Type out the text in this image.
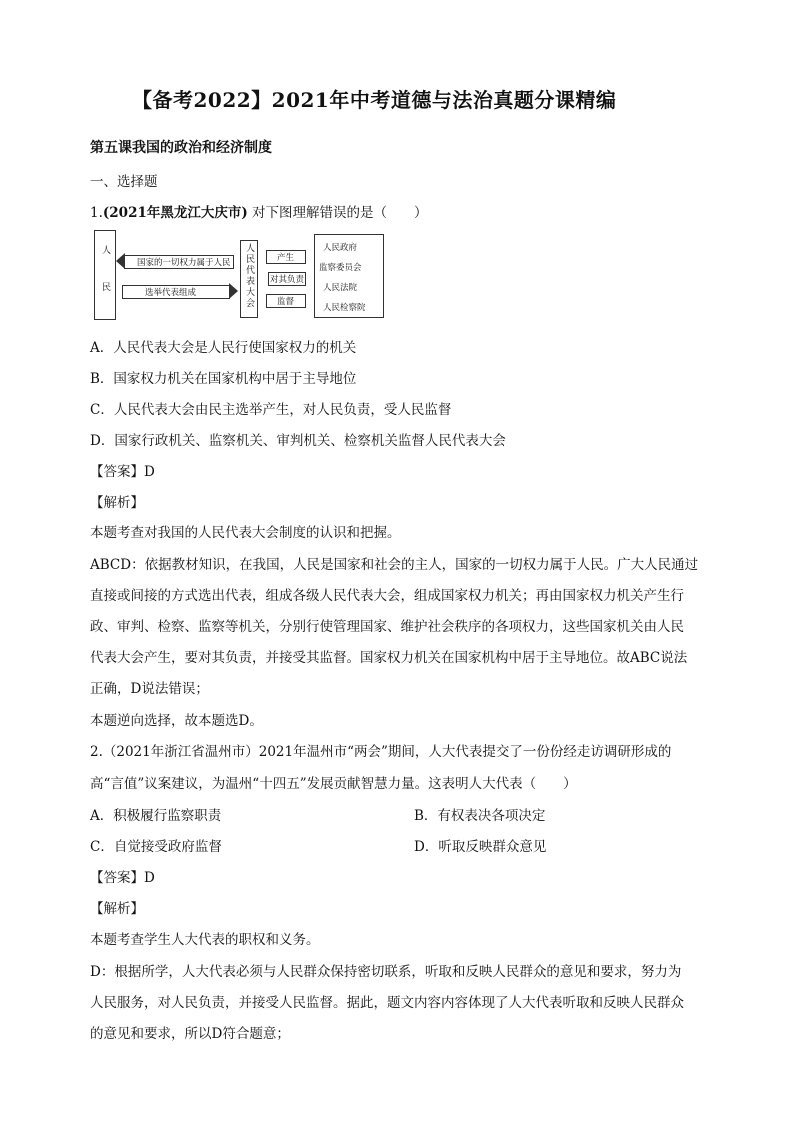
【备考2022】2021年中考道德与法治真题分课精编
第五课我国的政治和经济制度
一、选择题
1.(2021年黑龙江大庆市) 对下图理解错误的是（　　）
人民	国家的一切权力属于人民
选举代表组成	人民代表大会	产生
对其负责
监督
人民政府
监察委员会
人民法院
人民检察院
A．人民代表大会是人民行使国家权力的机关
B．国家权力机关在国家机构中居于主导地位
C．人民代表大会由民主选举产生，对人民负责，受人民监督
D．国家行政机关、监察机关、审判机关、检察机关监督人民代表大会
【答案】D
【解析】
本题考查对我国的人民代表大会制度的认识和把握。
ABCD：依据教材知识，在我国，人民是国家和社会的主人，国家的一切权力属于人民。广大人民通过
直接或间接的方式选出代表，组成各级人民代表大会，组成国家权力机关；再由国家权力机关产生行
政、审判、检察、监察等机关，分别行使管理国家、维护社会秩序的各项权力，这些国家机关由人民
代表大会产生，要对其负责，并接受其监督。国家权力机关在国家机构中居于主导地位。故ABC说法
正确，D说法错误；
本题逆向选择，故本题选D。
2.（2021年浙江省温州市）2021年温州市“两会”期间，人大代表提交了一份份经走访调研形成的
高“言值”议案建议，为温州“十四五”发展贡献智慧力量。这表明人大代表（　　）
A．积极履行监察职责	B．有权表决各项决定
C．自觉接受政府监督	D．听取反映群众意见
【答案】D
【解析】
本题考查学生人大代表的职权和义务。
D：根据所学，人大代表必须与人民群众保持密切联系，听取和反映人民群众的意见和要求，努力为
人民服务，对人民负责，并接受人民监督。据此，题文内容内容体现了人大代表听取和反映人民群众
的意见和要求，所以D符合题意；
